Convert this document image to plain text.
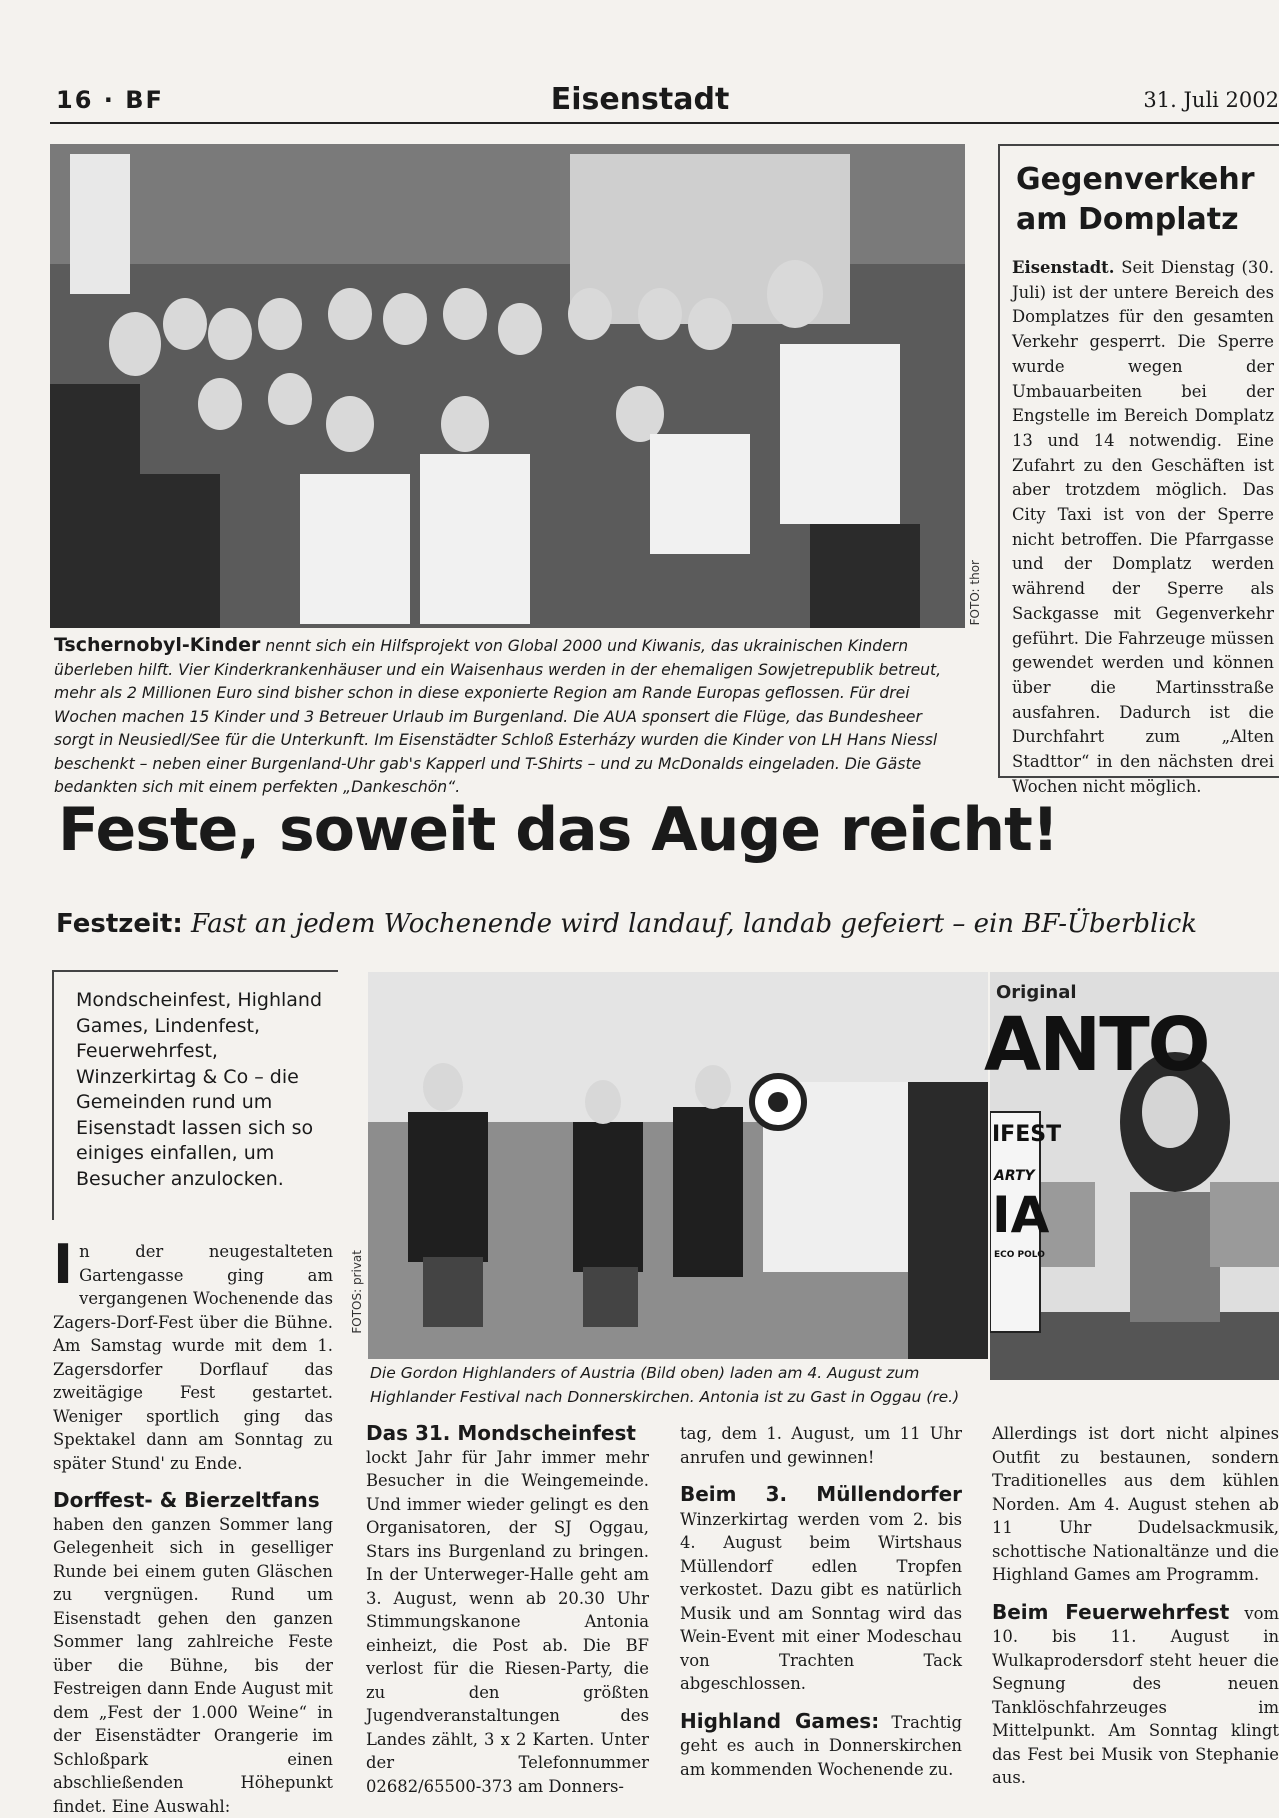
16 · BF	Eisenstadt	31. Juli 2002
FOTO: thor
Tschernobyl-Kinder nennt sich ein Hilfsprojekt von Global 2000 und Kiwanis, das ukrainischen Kindern überleben hilft. Vier Kinderkrankenhäuser und ein Waisenhaus werden in der ehemaligen Sowjetrepublik betreut, mehr als 2 Millionen Euro sind bisher schon in diese exponierte Region am Rande Europas geflossen. Für drei Wochen machen 15 Kinder und 3 Betreuer Urlaub im Burgenland. Die AUA sponsert die Flüge, das Bundesheer sorgt in Neusiedl/See für die Unterkunft. Im Eisenstädter Schloß Esterházy wurden die Kinder von LH Hans Niessl beschenkt – neben einer Burgenland-Uhr gab's Kapperl und T-Shirts – und zu McDonalds eingeladen. Die Gäste bedankten sich mit einem perfekten „Dankeschön“.
Gegenverkehr am Domplatz
Eisenstadt. Seit Dienstag (30. Juli) ist der untere Bereich des Domplatzes für den gesamten Verkehr gesperrt. Die Sperre wurde wegen der Umbauarbeiten bei der Engstelle im Bereich Domplatz 13 und 14 notwendig. Eine Zufahrt zu den Geschäften ist aber trotzdem möglich. Das City Taxi ist von der Sperre nicht betroffen. Die Pfarrgasse und der Domplatz werden während der Sperre als Sackgasse mit Gegenverkehr geführt. Die Fahrzeuge müssen gewendet werden und können über die Martinsstraße ausfahren. Dadurch ist die Durchfahrt zum „Alten Stadttor“ in den nächsten drei Wochen nicht möglich.
Feste, soweit das Auge reicht!
Festzeit: Fast an jedem Wochenende wird landauf, landab gefeiert – ein BF-Überblick
Mondscheinfest, Highland Games, Lindenfest, Feuerwehrfest, Winzerkirtag & Co – die Gemeinden rund um Eisenstadt lassen sich so einiges einfallen, um Besucher anzulocken.
FOTOS: privat
Original
ANTO
IFEST
ARTY
IA
ECO POLO
Die Gordon Highlanders of Austria (Bild oben) laden am 4. August zum Highlander Festival nach Donnerskirchen. Antonia ist zu Gast in Oggau (re.)

In der neugestalteten Gartengasse ging am vergangenen Wochenende das Zagers-Dorf-Fest über die Bühne. Am Samstag wurde mit dem 1. Zagersdorfer Dorflauf das zweitägige Fest gestartet. Weniger sportlich ging das Spektakel dann am Sonntag zu später Stund' zu Ende.

Dorffest- & Bierzeltfans

haben den ganzen Sommer lang Gelegenheit sich in geselliger Runde bei einem guten Gläschen zu vergnügen. Rund um Eisenstadt gehen den ganzen Sommer lang zahlreiche Feste über die Bühne, bis der Festreigen dann Ende August mit dem „Fest der 1.000 Weine“ in der Eisenstädter Orangerie im Schloßpark einen abschließenden Höhepunkt findet. Eine Auswahl:

Das 31. Mondscheinfest

lockt Jahr für Jahr immer mehr Besucher in die Weingemeinde. Und immer wieder gelingt es den Organisatoren, der SJ Oggau, Stars ins Burgenland zu bringen. In der Unterweger-Halle geht am 3. August, wenn ab 20.30 Uhr Stimmungskanone Antonia einheizt, die Post ab. Die BF verlost für die Riesen-Party, die zu den größten Jugendveranstaltungen des Landes zählt, 3 x 2 Karten. Unter der Telefonnummer 02682/65500-373 am Donners-

tag, dem 1. August, um 11 Uhr anrufen und gewinnen!

Beim 3. Müllendorfer Winzerkirtag werden vom 2. bis 4. August beim Wirtshaus Müllendorf edlen Tropfen verkostet. Dazu gibt es natürlich Musik und am Sonntag wird das Wein-Event mit einer Modeschau von Trachten Tack abgeschlossen.

Highland Games: Trachtig geht es auch in Donnerskirchen am kommenden Wochenende zu.

Allerdings ist dort nicht alpines Outfit zu bestaunen, sondern Traditionelles aus dem kühlen Norden. Am 4. August stehen ab 11 Uhr Dudelsackmusik, schottische Nationaltänze und die Highland Games am Programm.

Beim Feuerwehrfest vom 10. bis 11. August in Wulkaprodersdorf steht heuer die Segnung des neuen Tanklöschfahrzeuges im Mittelpunkt. Am Sonntag klingt das Fest bei Musik von Stephanie aus.
